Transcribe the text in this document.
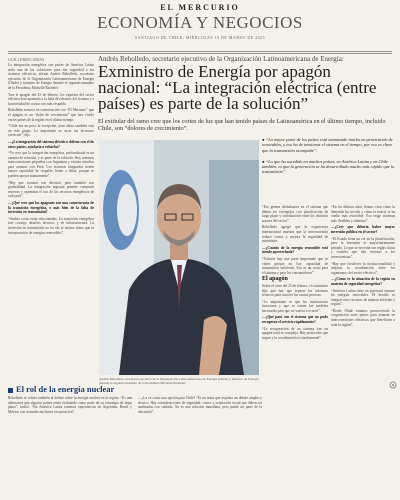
EL MERCURIO
ECONOMÍA Y NEGOCIOS
SANTIAGO DE CHILE, MIÉRCOLES 19 DE MARZO DE 2025
GUILLERMO ARIAS	Andrés Rebolledo, secretario ejecutivo de la Organización Latinoamericana de Energía:
Exministro de Energía por apagón nacional: “La integración eléctrica (entre países) es parte de la solución”
El extitular del ramo cree que los cortes de luz que han tenido países de Latinoamérica en el último tiempo, incluido Chile, son “dolores de crecimiento”.

La integración energética con países de América Latina sería una de las soluciones para dar seguridad a los sistemas eléctricos, afirmó Andrés Rebolledo, secretario ejecutivo de la Organización Latinoamericana de Energía (Olade) y ministro de Energía durante el segundo mandato de la Presidenta Michelle Bachelet.

Tras el apagón del 25 de febrero, los expertos del sector eléctrico han apuntado a la falta de robustez del sistema y a la necesidad de contar con más respaldo.

Rebolledo sostuvo en conversación con “El Mercurio” que el apagón es un “dolor de crecimiento” que han vivido varios países de la región en el último tiempo.

“Chile era un poco la excepción, pero ahora también está en este grupo. Lo importante es sacar las lecciones correctas”, dijo.

—¿La integración del sistema eléctrico chileno con el de otros países, ayudaría a evitarlos?

“Yo creo que la integración energética, profundizada es un camino de solución, y es parte de la solución. Hoy tenemos interconexiones pequeñas con Argentina y existen estudios para avanzar con Perú. Los sistemas integrados tienen mayor capacidad de respaldo frente a fallas, porque se pueden apoyar mutuamente”.

“Hay que avanzar con decisión, pero también con gradualidad. La integración regional permite compartir reservas y optimizar el uso de los recursos energéticos de cada país”.

—¿Qué cree que los apagones son una consecuencia de la transición energética, o más bien de la falta de inversión en transmisión?

“Ambas cosas están relacionadas. La transición energética trae consigo desafíos técnicos y de infraestructura. La inversión en transmisión no ha ido al mismo ritmo que la incorporación de energías renovables”.

Andrés Rebolledo, secretario ejecutivo de la Organización Latinoamericana de Energía (Olade) y ministro de Energía durante el segundo mandato de la Presidenta Michelle Bachelet.

● “La mayor parte de los países está avanzando mucho en penetración de renovables, y eso ha de tensionar el sistema en el tiempo, por eso es clave que la transmisión acompañe”.

● “Lo que ha sucedido en muchos países, en América Latina y en Chile también, es que la generación se ha desarrollado mucho más rápido que la transmisión”.

“Eso genera desbalances en el sistema que deben ser corregidos con planificación de largo plazo y coordinación entre los distintos actores del sector”.

Rebolledo agregó que la experiencia internacional muestra que la interconexión reduce costos y mejora la seguridad de suministro.

—¿Cuánto de la energía renovable está siendo aprovechada?

“Todavía hay una parte importante que se vierte porque no hay capacidad de transmisión suficiente. Eso es un costo para el sistema y para los consumidores”.

El apagón

Sobre el corte del 25 de febrero, el exministro dijo que hay que esperar los informes técnicos para conocer las causas precisas.

“Lo importante es que las instituciones funcionen y que se tomen las medidas necesarias para que no vuelva a ocurrir”.

—¿Qué pasó con el sistema que no pudo recuperar el servicio rápidamente?

“La recuperación de un sistema tras un apagón total es compleja. Hay protocolos que seguir y la coordinación es fundamental”.

“En los últimos años, hemos visto cómo la demanda ha crecido y cómo la matriz se ha vuelto más renovable. Eso exige sistemas más flexibles y robustos”.

—¿Cree que debería haber mayor inversión pública en el sector?

“El Estado tiene un rol en la planificación, pero la inversión es mayoritariamente privada. Lo que se necesita son reglas claras y estables que den certezas a los inversionistas”.

“Hay que fortalecer la institucionalidad y mejorar la coordinación entre los organismos del sector eléctrico”.

—¿Cómo ve la situación de la región en materia de seguridad energética?

“América Latina tiene un potencial enorme en energías renovables. El desafío es integrar esos recursos de manera eficiente y segura”.

“Desde Olade estamos promoviendo la cooperación entre países para avanzar en interconexiones eléctricas que beneficien a toda la región”.

El rol de la energía nuclear
Rebolledo se refirió también al debate sobre la energía nuclear en la región. “Es una alternativa que algunos países están evaluando como parte de su estrategia de largo plazo”, indicó. “En América Latina tenemos experiencias en Argentina, Brasil y México con centrales nucleares en operación”.
—¿La ve como una opción para Chile? “Es un tema que requiere un debate amplio y técnico. Hay consideraciones de seguridad, costos y aceptación social que deben ser analizadas con cuidado. No es una solución inmediata, pero puede ser parte de la discusión”.
